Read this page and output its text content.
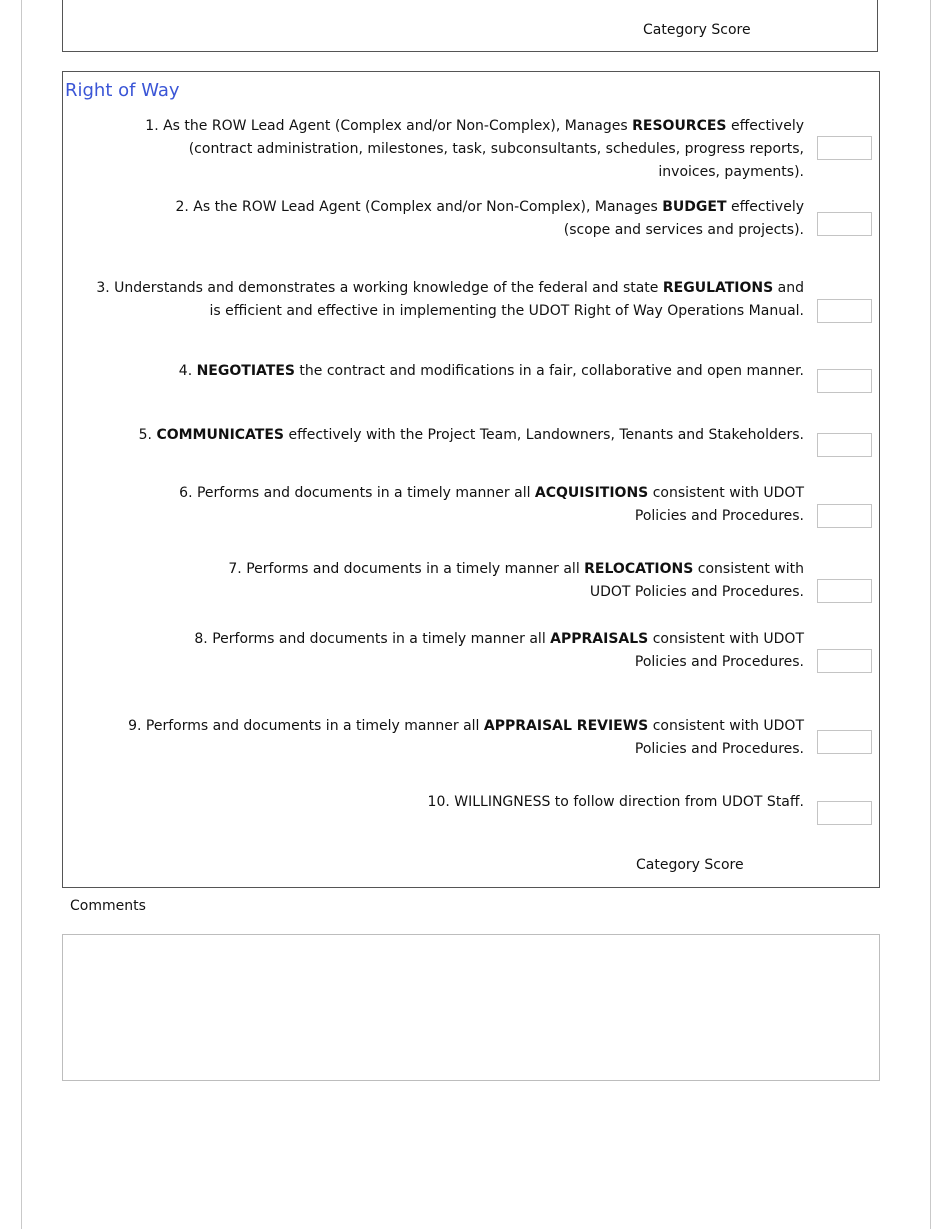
Category Score
Right of Way
1. As the ROW Lead Agent (Complex and/or Non-Complex), Manages RESOURCES effectively (contract administration, milestones, task, subconsultants, schedules, progress reports, invoices, payments).
2. As the ROW Lead Agent (Complex and/or Non-Complex), Manages BUDGET effectively (scope and services and projects).
3. Understands and demonstrates a working knowledge of the federal and state REGULATIONS and is efficient and effective in implementing the UDOT Right of Way Operations Manual.
4. NEGOTIATES the contract and modifications in a fair, collaborative and open manner.
5. COMMUNICATES effectively with the Project Team, Landowners, Tenants and Stakeholders.
6. Performs and documents in a timely manner all ACQUISITIONS consistent with UDOT Policies and Procedures.
7. Performs and documents in a timely manner all RELOCATIONS consistent with UDOT Policies and Procedures.
8. Performs and documents in a timely manner all APPRAISALS consistent with UDOT Policies and Procedures.
9. Performs and documents in a timely manner all APPRAISAL REVIEWS consistent with UDOT Policies and Procedures.
10. WILLINGNESS to follow direction from UDOT Staff.
Category Score
Comments
